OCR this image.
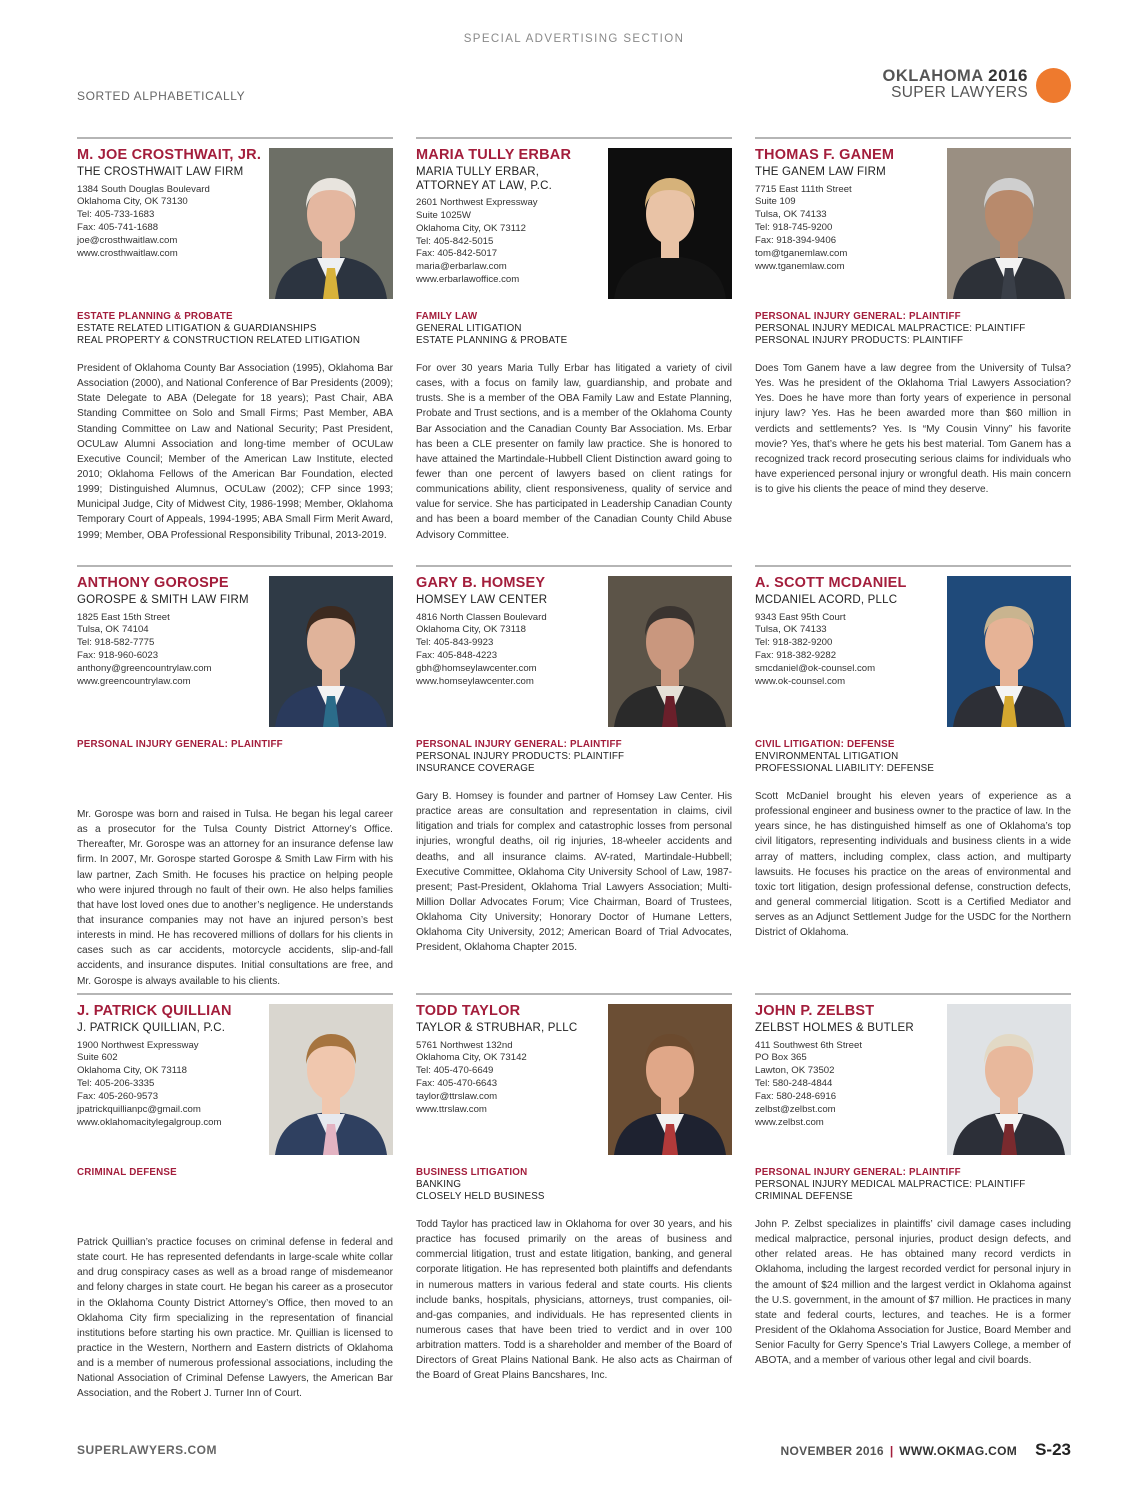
SPECIAL ADVERTISING SECTION
SORTED ALPHABETICALLY
OKLAHOMA 2016
SUPER LAWYERS
M. JOE CROSTHWAIT, JR.
THE CROSTHWAIT LAW FIRM
1384 South Douglas Boulevard
Oklahoma City, OK 73130
Tel: 405-733-1683
Fax: 405-741-1688
joe@crosthwaitlaw.com
www.crosthwaitlaw.com
ESTATE PLANNING & PROBATE
ESTATE RELATED LITIGATION & GUARDIANSHIPS
REAL PROPERTY & CONSTRUCTION RELATED LITIGATION
President of Oklahoma County Bar Association (1995), Oklahoma Bar Association (2000), and National Conference of Bar Presidents (2009); State Delegate to ABA (Delegate for 18 years); Past Chair, ABA Standing Committee on Solo and Small Firms; Past Member, ABA Standing Committee on Law and National Security; Past President, OCULaw Alumni Association and long-time member of OCULaw Executive Council; Member of the American Law Institute, elected 2010; Oklahoma Fellows of the American Bar Foundation, elected 1999; Distinguished Alumnus, OCULaw (2002); CFP since 1993; Municipal Judge, City of Midwest City, 1986-1998; Member, Oklahoma Temporary Court of Appeals, 1994-1995; ABA Small Firm Merit Award, 1999; Member, OBA Professional Responsibility Tribunal, 2013-2019.
MARIA TULLY ERBAR
MARIA TULLY ERBAR, ATTORNEY AT LAW, P.C.
2601 Northwest Expressway
Suite 1025W
Oklahoma City, OK 73112
Tel: 405-842-5015
Fax: 405-842-5017
maria@erbarlaw.com
www.erbarlawoffice.com
FAMILY LAW
GENERAL LITIGATION
ESTATE PLANNING & PROBATE
For over 30 years Maria Tully Erbar has litigated a variety of civil cases, with a focus on family law, guardianship, and probate and trusts. She is a member of the OBA Family Law and Estate Planning, Probate and Trust sections, and is a member of the Oklahoma County Bar Association and the Canadian County Bar Association. Ms. Erbar has been a CLE presenter on family law practice. She is honored to have attained the Martindale-Hubbell Client Distinction award going to fewer than one percent of lawyers based on client ratings for communications ability, client responsiveness, quality of service and value for service. She has participated in Leadership Canadian County and has been a board member of the Canadian County Child Abuse Advisory Committee.
THOMAS F. GANEM
THE GANEM LAW FIRM
7715 East 111th Street
Suite 109
Tulsa, OK 74133
Tel: 918-745-9200
Fax: 918-394-9406
tom@tganemlaw.com
www.tganemlaw.com
PERSONAL INJURY GENERAL: PLAINTIFF
PERSONAL INJURY MEDICAL MALPRACTICE: PLAINTIFF
PERSONAL INJURY PRODUCTS: PLAINTIFF
Does Tom Ganem have a law degree from the University of Tulsa? Yes. Was he president of the Oklahoma Trial Lawyers Association? Yes. Does he have more than forty years of experience in personal injury law? Yes. Has he been awarded more than $60 million in verdicts and settlements? Yes. Is “My Cousin Vinny” his favorite movie? Yes, that’s where he gets his best material. Tom Ganem has a recognized track record prosecuting serious claims for individuals who have experienced personal injury or wrongful death. His main concern is to give his clients the peace of mind they deserve.
ANTHONY GOROSPE
GOROSPE & SMITH LAW FIRM
1825 East 15th Street
Tulsa, OK 74104
Tel: 918-582-7775
Fax: 918-960-6023
anthony@greencountrylaw.com
www.greencountrylaw.com
PERSONAL INJURY GENERAL: PLAINTIFF
Mr. Gorospe was born and raised in Tulsa. He began his legal career as a prosecutor for the Tulsa County District Attorney’s Office. Thereafter, Mr. Gorospe was an attorney for an insurance defense law firm. In 2007, Mr. Gorospe started Gorospe & Smith Law Firm with his law partner, Zach Smith. He focuses his practice on helping people who were injured through no fault of their own. He also helps families that have lost loved ones due to another’s negligence. He understands that insurance companies may not have an injured person’s best interests in mind. He has recovered millions of dollars for his clients in cases such as car accidents, motorcycle accidents, slip-and-fall accidents, and insurance disputes. Initial consultations are free, and Mr. Gorospe is always available to his clients.
GARY B. HOMSEY
HOMSEY LAW CENTER
4816 North Classen Boulevard
Oklahoma City, OK 73118
Tel: 405-843-9923
Fax: 405-848-4223
gbh@homseylawcenter.com
www.homseylawcenter.com
PERSONAL INJURY GENERAL: PLAINTIFF
PERSONAL INJURY PRODUCTS: PLAINTIFF
INSURANCE COVERAGE
Gary B. Homsey is founder and partner of Homsey Law Center. His practice areas are consultation and representation in claims, civil litigation and trials for complex and catastrophic losses from personal injuries, wrongful deaths, oil rig injuries, 18-wheeler accidents and deaths, and all insurance claims. AV-rated, Martindale-Hubbell; Executive Committee, Oklahoma City University School of Law, 1987-present; Past-President, Oklahoma Trial Lawyers Association; Multi-Million Dollar Advocates Forum; Vice Chairman, Board of Trustees, Oklahoma City University; Honorary Doctor of Humane Letters, Oklahoma City University, 2012; American Board of Trial Advocates, President, Oklahoma Chapter 2015.
A. SCOTT MCDANIEL
MCDANIEL ACORD, PLLC
9343 East 95th Court
Tulsa, OK 74133
Tel: 918-382-9200
Fax: 918-382-9282
smcdaniel@ok-counsel.com
www.ok-counsel.com
CIVIL LITIGATION: DEFENSE
ENVIRONMENTAL LITIGATION
PROFESSIONAL LIABILITY: DEFENSE
Scott McDaniel brought his eleven years of experience as a professional engineer and business owner to the practice of law. In the years since, he has distinguished himself as one of Oklahoma’s top civil litigators, representing individuals and business clients in a wide array of matters, including complex, class action, and multiparty lawsuits. He focuses his practice on the areas of environmental and toxic tort litigation, design professional defense, construction defects, and general commercial litigation. Scott is a Certified Mediator and serves as an Adjunct Settlement Judge for the USDC for the Northern District of Oklahoma.
J. PATRICK QUILLIAN
J. PATRICK QUILLIAN, P.C.
1900 Northwest Expressway
Suite 602
Oklahoma City, OK 73118
Tel: 405-206-3335
Fax: 405-260-9573
jpatrickquillianpc@gmail.com
www.oklahomacitylegalgroup.com
CRIMINAL DEFENSE
Patrick Quillian’s practice focuses on criminal defense in federal and state court. He has represented defendants in large-scale white collar and drug conspiracy cases as well as a broad range of misdemeanor and felony charges in state court. He began his career as a prosecutor in the Oklahoma County District Attorney’s Office, then moved to an Oklahoma City firm specializing in the representation of financial institutions before starting his own practice. Mr. Quillian is licensed to practice in the Western, Northern and Eastern districts of Oklahoma and is a member of numerous professional associations, including the National Association of Criminal Defense Lawyers, the American Bar Association, and the Robert J. Turner Inn of Court.
TODD TAYLOR
TAYLOR & STRUBHAR, PLLC
5761 Northwest 132nd
Oklahoma City, OK 73142
Tel: 405-470-6649
Fax: 405-470-6643
taylor@ttrslaw.com
www.ttrslaw.com
BUSINESS LITIGATION
BANKING
CLOSELY HELD BUSINESS
Todd Taylor has practiced law in Oklahoma for over 30 years, and his practice has focused primarily on the areas of business and commercial litigation, trust and estate litigation, banking, and general corporate litigation. He has represented both plaintiffs and defendants in numerous matters in various federal and state courts. His clients include banks, hospitals, physicians, attorneys, trust companies, oil-and-gas companies, and individuals. He has represented clients in numerous cases that have been tried to verdict and in over 100 arbitration matters. Todd is a shareholder and member of the Board of Directors of Great Plains National Bank. He also acts as Chairman of the Board of Great Plains Bancshares, Inc.
JOHN P. ZELBST
ZELBST HOLMES & BUTLER
411 Southwest 6th Street
PO Box 365
Lawton, OK 73502
Tel: 580-248-4844
Fax: 580-248-6916
zelbst@zelbst.com
www.zelbst.com
PERSONAL INJURY GENERAL: PLAINTIFF
PERSONAL INJURY MEDICAL MALPRACTICE: PLAINTIFF
CRIMINAL DEFENSE
John P. Zelbst specializes in plaintiffs’ civil damage cases including medical malpractice, personal injuries, product design defects, and other related areas. He has obtained many record verdicts in Oklahoma, including the largest recorded verdict for personal injury in the amount of $24 million and the largest verdict in Oklahoma against the U.S. government, in the amount of $7 million. He practices in many state and federal courts, lectures, and teaches. He is a former President of the Oklahoma Association for Justice, Board Member and Senior Faculty for Gerry Spence’s Trial Lawyers College, a member of ABOTA, and a member of various other legal and civil boards.
SUPERLAWYERS.COM	NOVEMBER 2016 | WWW.OKMAG.COM S-23
